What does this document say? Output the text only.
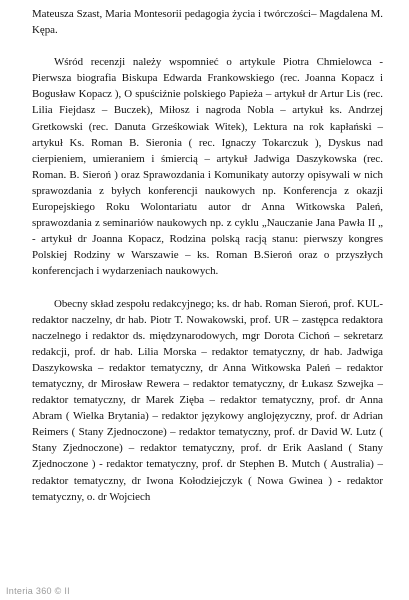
Mateusza Szast, Maria Montesorii pedagogia życia i twórczości– Magdalena M. Kępa.

Wśród recenzji należy wspomnieć o artykule Piotra Chmielowca - Pierwsza biografia Biskupa Edwarda Frankowskiego (rec. Joanna Kopacz i Bogusław Kopacz ), O spuściźnie polskiego Papieża – artykuł dr Artur Lis (rec. Lilia Fiejdasz – Buczek), Miłosz i nagroda Nobla – artykuł ks. Andrzej Gretkowski (rec. Danuta Grześkowiak Witek), Lektura na rok kapłański – artykuł Ks. Roman B. Sieronia ( rec. Ignaczy Tokarczuk ), Dyskus nad cierpieniem, umieraniem i śmiercią – artykuł Jadwiga Daszykowska (rec. Roman. B. Sieroń ) oraz Sprawozdania i Komunikaty autorzy opisywali w nich sprawozdania z byłych konferencji naukowych np. Konferencja z okazji Europejskiego Roku Wolontariatu autor dr Anna Witkowska Paleń, sprawozdania z seminariów naukowych np. z cyklu „Nauczanie Jana Pawła II „ - artykuł dr Joanna Kopacz, Rodzina polską racją stanu: pierwszy kongres Polskiej Rodziny w Warszawie – ks. Roman B.Sieroń oraz o przyszłych konferencjach i wydarzeniach naukowych.

Obecny skład zespołu redakcyjnego; ks. dr hab. Roman Sieroń, prof. KUL- redaktor naczelny, dr hab. Piotr T. Nowakowski, prof. UR – zastępca redaktora naczelnego i redaktor ds. międzynarodowych, mgr Dorota Cichoń – sekretarz redakcji, prof. dr hab. Lilia Morska – redaktor tematyczny, dr hab. Jadwiga Daszykowska – redaktor tematyczny, dr Anna Witkowska Paleń – redaktor tematyczny, dr Mirosław Rewera – redaktor tematyczny, dr Łukasz Szwejka – redaktor tematyczny, dr Marek Zięba – redaktor tematyczny, prof. dr Anna Abram ( Wielka Brytania) – redaktor językowy anglojęzyczny, prof. dr Adrian Reimers ( Stany Zjednoczone) – redaktor tematyczny, prof. dr David W. Lutz ( Stany Zjednoczone) – redaktor tematyczny, prof. dr Erik Aasland ( Stany Zjednoczone ) - redaktor tematyczny, prof. dr Stephen B. Mutch ( Australia) – redaktor tematyczny, dr Iwona Kołodziejczyk ( Nowa Gwinea ) - redaktor tematyczny, o. dr Wojciech

Interia 360 © II
